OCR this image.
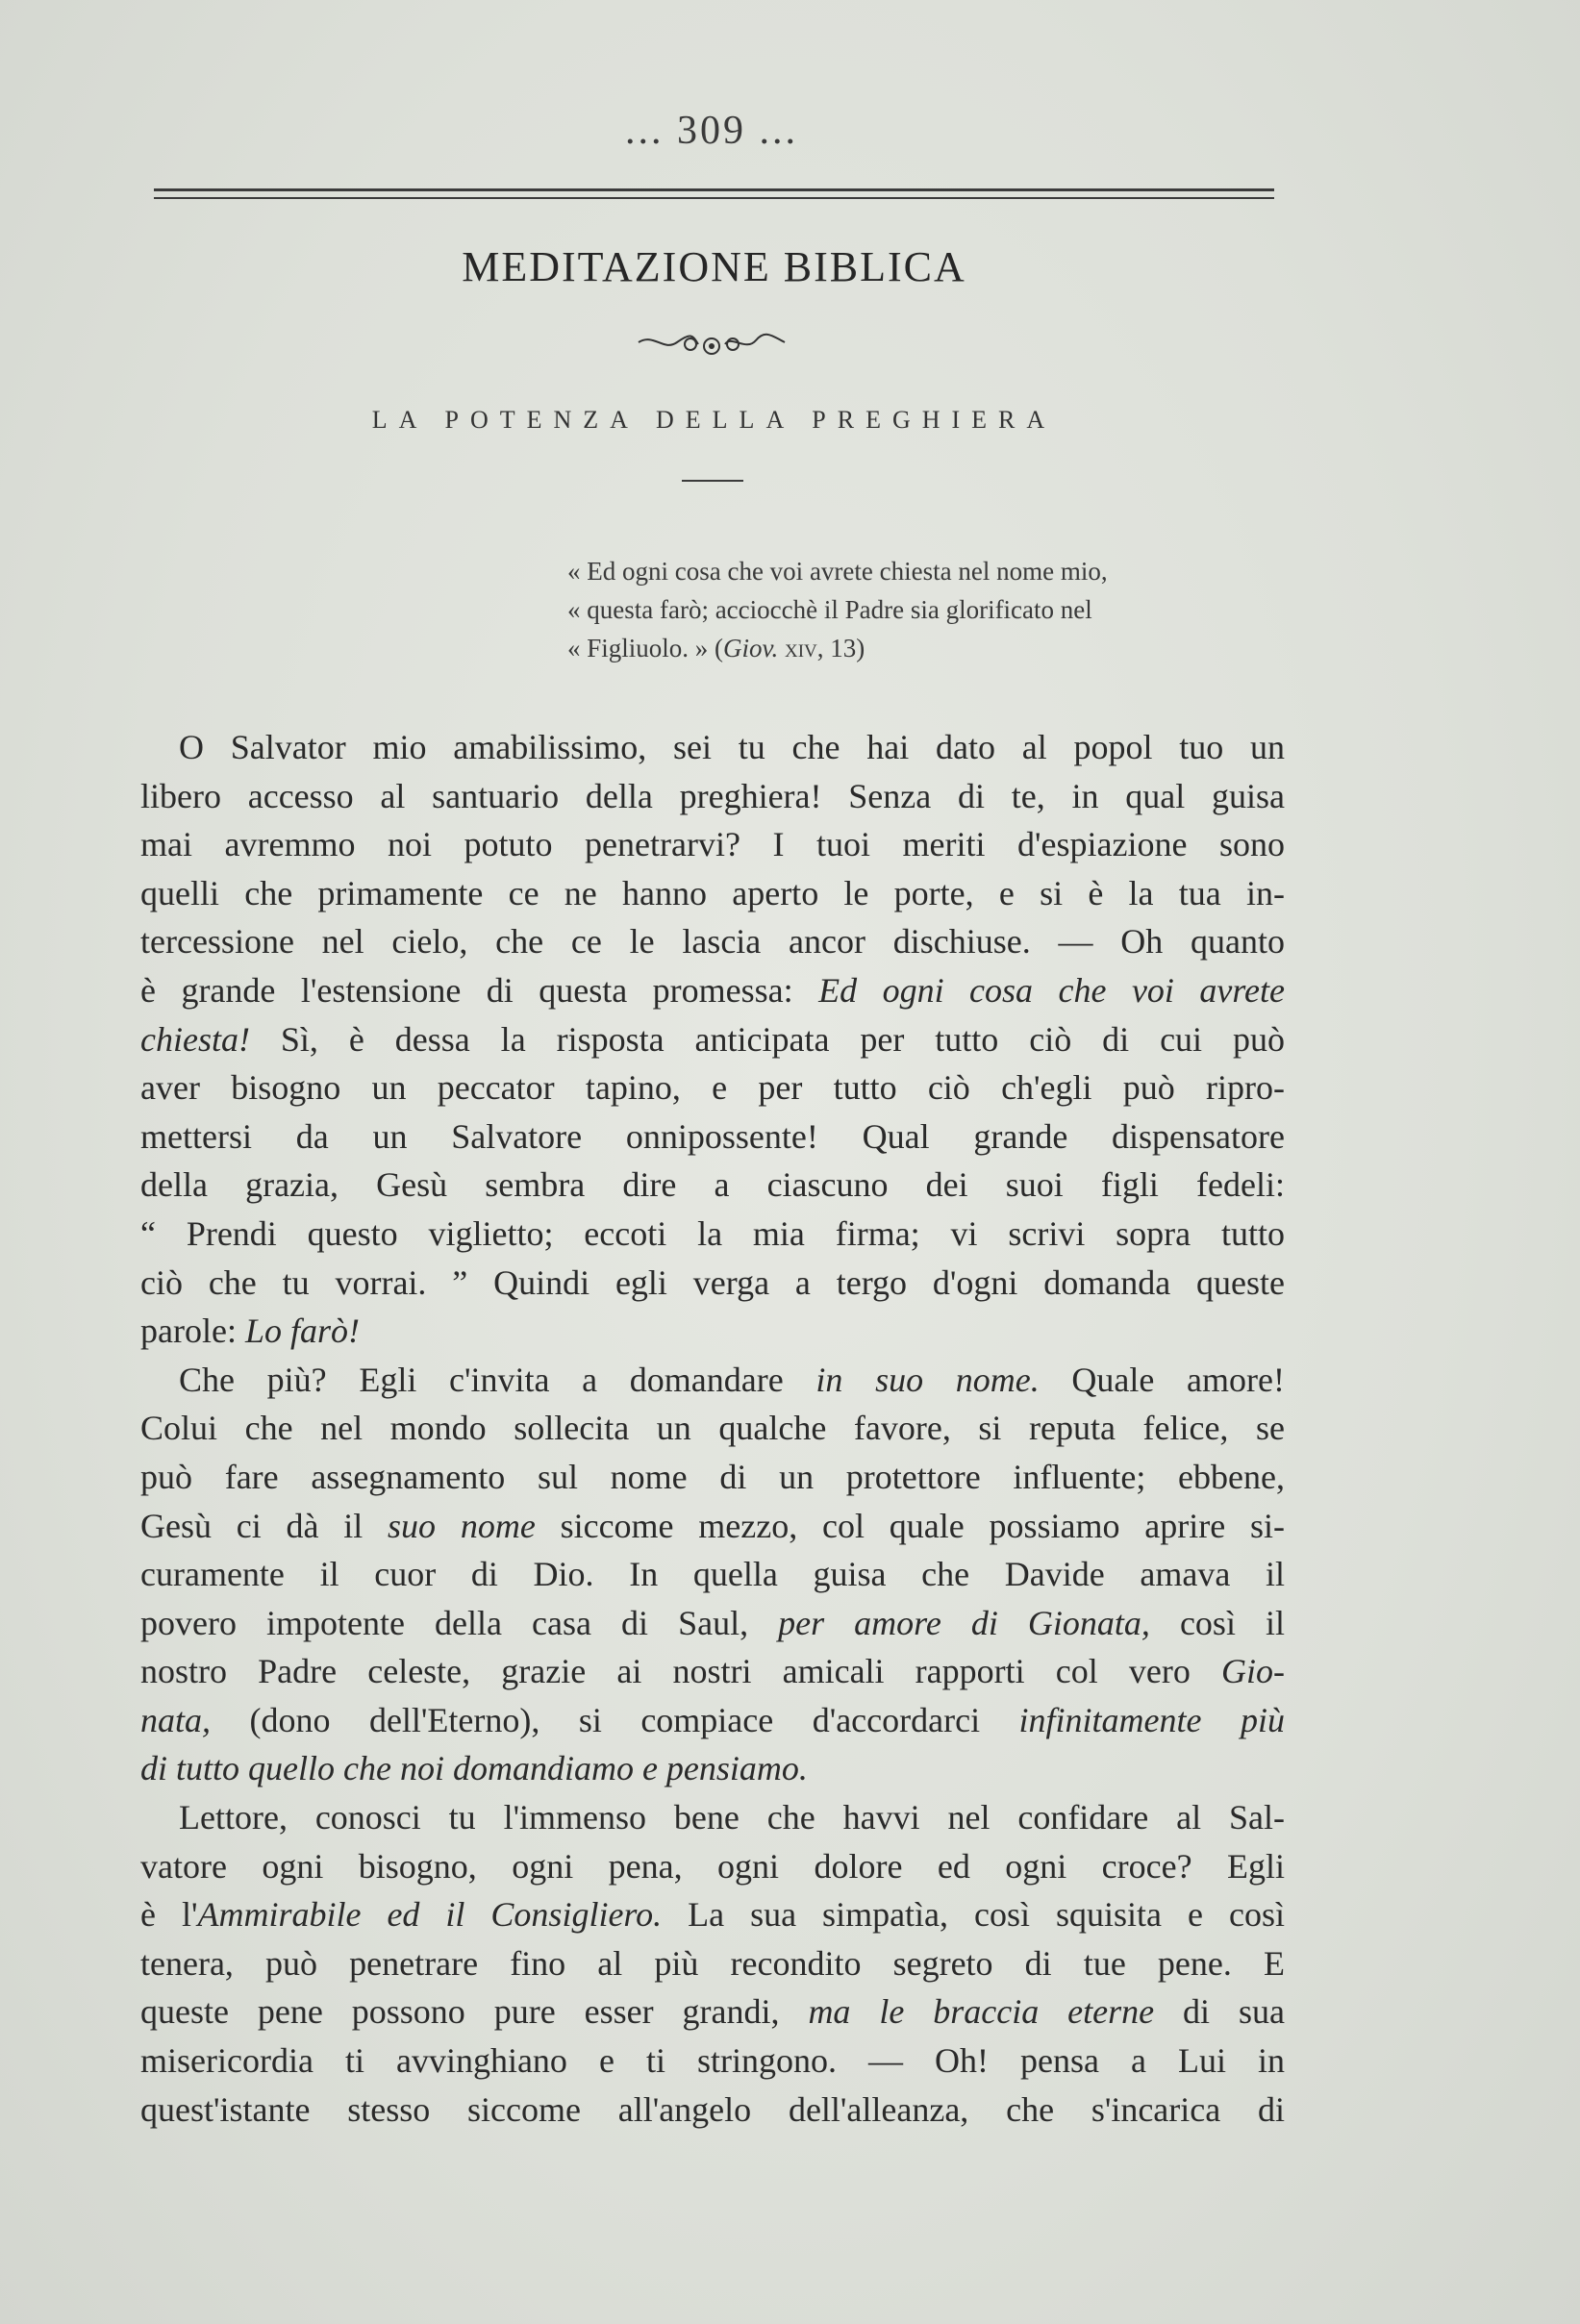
... 309 ...
MEDITAZIONE BIBLICA
LA POTENZA DELLA PREGHIERA
« Ed ogni cosa che voi avrete chiesta nel nome mio,
« questa farò; acciocchè il Padre sia glorificato nel
« Figliuolo. » (Giov. xiv, 13)
O Salvator mio amabilissimo, sei tu che hai dato al popol tuo un
libero accesso al santuario della preghiera! Senza di te, in qual guisa
mai avremmo noi potuto penetrarvi? I tuoi meriti d'espiazione sono
quelli che primamente ce ne hanno aperto le porte, e si è la tua in-
tercessione nel cielo, che ce le lascia ancor dischiuse. — Oh quanto
è grande l'estensione di questa promessa: Ed ogni cosa che voi avrete
chiesta! Sì, è dessa la risposta anticipata per tutto ciò di cui può
aver bisogno un peccator tapino, e per tutto ciò ch'egli può ripro-
mettersi da un Salvatore onnipossente! Qual grande dispensatore
della grazia, Gesù sembra dire a ciascuno dei suoi figli fedeli:
“ Prendi questo viglietto; eccoti la mia firma; vi scrivi sopra tutto
ciò che tu vorrai. ” Quindi egli verga a tergo d'ogni domanda queste
parole: Lo farò!
Che più? Egli c'invita a domandare in suo nome. Quale amore!
Colui che nel mondo sollecita un qualche favore, si reputa felice, se
può fare assegnamento sul nome di un protettore influente; ebbene,
Gesù ci dà il suo nome siccome mezzo, col quale possiamo aprire si-
curamente il cuor di Dio. In quella guisa che Davide amava il
povero impotente della casa di Saul, per amore di Gionata, così il
nostro Padre celeste, grazie ai nostri amicali rapporti col vero Gio-
nata, (dono dell'Eterno), si compiace d'accordarci infinitamente più
di tutto quello che noi domandiamo e pensiamo.
Lettore, conosci tu l'immenso bene che havvi nel confidare al Sal-
vatore ogni bisogno, ogni pena, ogni dolore ed ogni croce? Egli
è l'Ammirabile ed il Consigliero. La sua simpatìa, così squisita e così
tenera, può penetrare fino al più recondito segreto di tue pene. E
queste pene possono pure esser grandi, ma le braccia eterne di sua
misericordia ti avvinghiano e ti stringono. — Oh! pensa a Lui in
quest'istante stesso siccome all'angelo dell'alleanza, che s'incarica di
